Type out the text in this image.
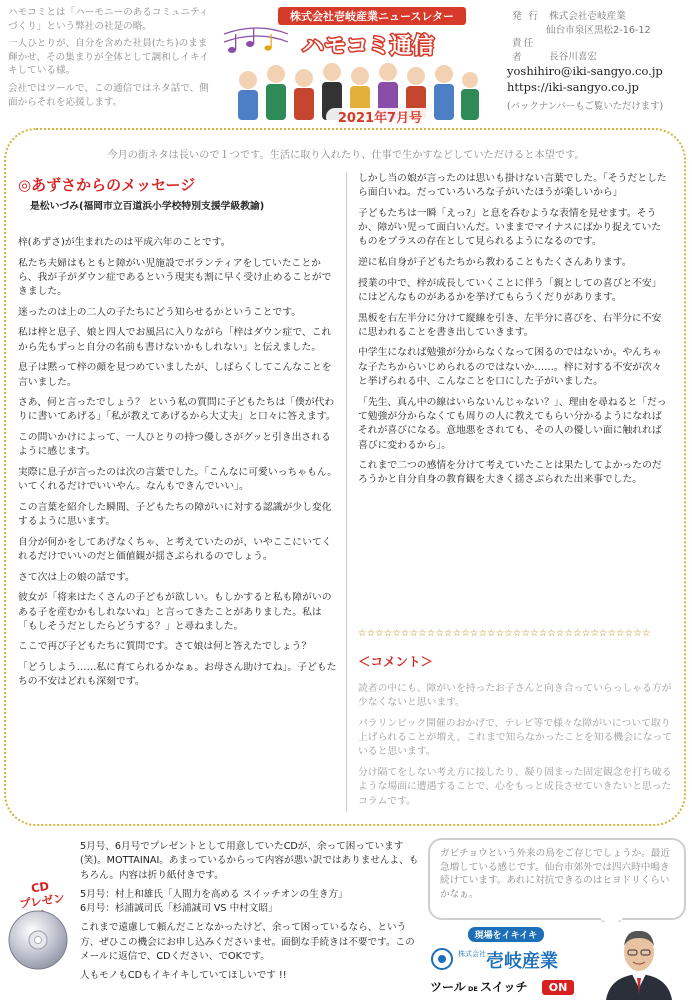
ハモコミとは「ハーモニーのあるコミュニティづくり」という弊社の社是の略。

一人ひとりが、自分を含めた社員(たち)のまま輝かせ、その集まりが全体として調和しイキイキしている様。

会社ではツールで、この通信ではネタ話で、側面からそれを応援します。

株式会社壱岐産業ニュースレター
ハモコミ通信
2021年7月号
発 行 株式会社壱岐産業
仙台市泉区黒松2-16-12
責任者	長谷川喜宏
yoshihiro@iki-sangyo.co.jp
https://iki-sangyo.co.jp
(バックナンバーもご覧いただけます)
今月の街ネタは長いので１つです。生活に取り入れたり、仕事で生かすなどしていただけると本望です。
◎あずさからのメッセージ
是松いづみ(福岡市立百道浜小学校特別支援学級教諭)

梓(あずさ)が生まれたのは平成六年のことです。

私たち夫婦はもともと障がい児施設でボランティアをしていたことから、我が子がダウン症であるという現実も割に早く受け止めることができました。

迷ったのは上の二人の子たちにどう知らせるかということです。

私は梓と息子、娘と四人でお風呂に入りながら「梓はダウン症で、これから先もずっと自分の名前も書けないかもしれない」と伝えました。

息子は黙って梓の顔を見つめていましたが、しばらくしてこんなことを言いました。

さあ、何と言ったでしょう？ という私の質問に子どもたちは「僕が代わりに書いてあげる」「私が教えてあげるから大丈夫」と口々に答えます。

この問いかけによって、一人ひとりの持つ優しさがグッと引き出されるように感じます。

実際に息子が言ったのは次の言葉でした。「こんなに可愛いっちゃもん。いてくれるだけでいいやん。なんもできんでいい」。

この言葉を紹介した瞬間、子どもたちの障がいに対する認識が少し変化するように思います。

自分が何かをしてあげなくちゃ、と考えていたのが、いやここにいてくれるだけでいいのだと価値観が揺さぶられるのでしょう。

さて次は上の娘の話です。

彼女が「将来はたくさんの子どもが欲しい。もしかすると私も障がいのある子を産むかもしれないね」と言ってきたことがありました。私は「もしそうだとしたらどうする？」と尋ねました。

ここで再び子どもたちに質問です。さて娘は何と答えたでしょう？

「どうしよう……私に育てられるかなぁ。お母さん助けてね」。子どもたちの不安はどれも深刻です。

しかし当の娘が言ったのは思いも掛けない言葉でした。「そうだとしたら面白いね。だっていろいろな子がいたほうが楽しいから」

子どもたちは一瞬「えっ?」と息を呑むような表情を見せます。そうか、障がい児って面白いんだ。いままでマイナスにばかり捉えていたものをプラスの存在として見られるようになるのです。

逆に私自身が子どもたちから教わることもたくさんあります。

授業の中で、梓が成長していくことに伴う「親としての喜びと不安」にはどんなものがあるかを挙げてもらうくだりがあります。

黒板を右左半分に分けて縦線を引き、左半分に喜びを、右半分に不安に思われることを書き出していきます。

中学生になれば勉強が分からなくなって困るのではないか。やんちゃな子たちからいじめられるのではないか……。梓に対する不安が次々と挙げられる中、こんなことを口にした子がいました。

「先生、真ん中の線はいらないんじゃない？」、理由を尋ねると「だって勉強が分からなくても周りの人に教えてもらい分かるようになればそれが喜びになる。意地悪をされても、その人の優しい面に触れれば喜びに変わるから」。

これまで二つの感情を分けて考えていたことは果たしてよかったのだろうかと自分自身の教育観を大きく揺さぶられた出来事でした。

☆☆☆☆☆☆☆☆☆☆☆☆☆☆☆☆☆☆☆☆☆☆☆☆☆☆☆☆☆☆☆☆☆☆
＜コメント＞

読者の中にも、障がいを持ったお子さんと向き合っていらっしゃる方が少なくないと思います。

パラリンピック開催のおかげで、テレビ等で様々な障がいについて取り上げられることが増え、これまで知らなかったことを知る機会になっていると思います。

分け隔てをしない考え方に接したり、凝り固まった固定観念を打ち破るような場面に遭遇することで、心をもっと成長させていきたいと思ったコラムです。

CD
プレゼント

5月号、6月号でプレゼントとして用意していたCDが、余って困っています(笑)。MOTTAINAI。あまっているからって内容が悪い訳ではありませんよ、もちろん。内容は折り紙付きです。

5月号：村上和雄氏「人間力を高める スイッチオンの生き方」

6月号：杉浦誠司氏「杉浦誠司 VS 中村文昭」

これまで遠慮して頼んだことなかったけど、余って困っているなら、という方、ぜひこの機会にお申し込みくださいませ。面倒な手続きは不要です。このメールに返信で、CDください、でOKです。

人もモノもCDもイキイキしていてほしいです !!

ガビチョウという外来の鳥をご存じでしょうか。最近急増している感じです。仙台市郊外では四六時中鳴き続けています。あれに対抗できるのはヒヨドリくらいかなぁ。
現場をイキイキ
株式会社 壱岐産業
ツール DE スイッチ ON
